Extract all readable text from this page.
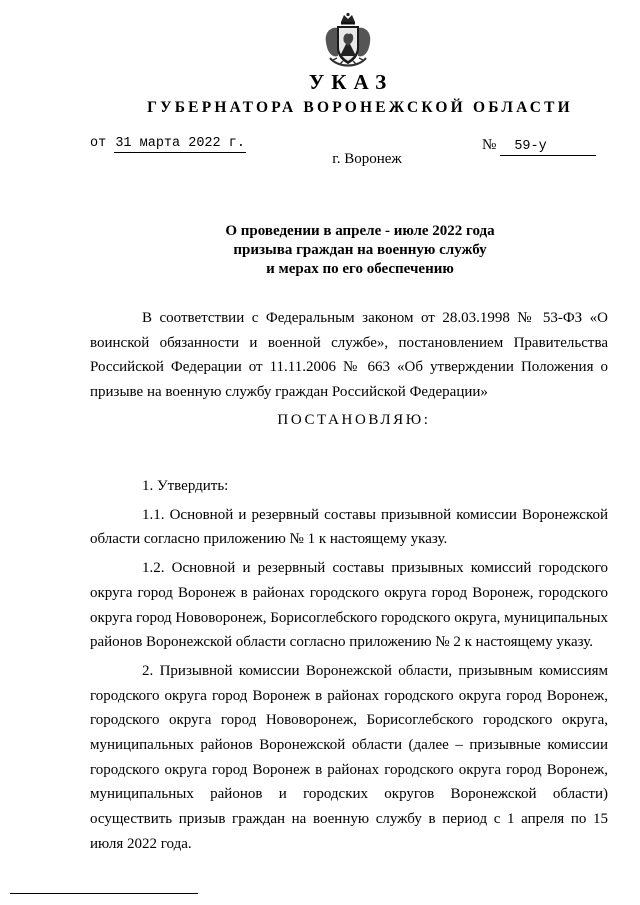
УКАЗ
ГУБЕРНАТОРА ВОРОНЕЖСКОЙ ОБЛАСТИ
от 31 марта 2022 г.	№ 59-у
г. Воронеж
О проведении в апреле - июле 2022 года
призыва граждан на военную службу
и мерах по его обеспечению
В соответствии с Федеральным законом от 28.03.1998 № 53-ФЗ «О воинской обязанности и военной службе», постановлением Правительства Российской Федерации от 11.11.2006 № 663 «Об утверждении Положения о призыве на военную службу граждан Российской Федерации»
ПОСТАНОВЛЯЮ:

1. Утвердить:

1.1. Основной и резервный составы призывной комиссии Воронежской области согласно приложению № 1 к настоящему указу.

1.2. Основной и резервный составы призывных комиссий городского округа город Воронеж в районах городского округа город Воронеж, городского округа город Нововоронеж, Борисоглебского городского округа, муниципальных районов Воронежской области согласно приложению № 2 к настоящему указу.

2. Призывной комиссии Воронежской области, призывным комиссиям городского округа город Воронеж в районах городского округа город Воронеж, городского округа город Нововоронеж, Борисоглебского городского округа, муниципальных районов Воронежской области (далее – призывные комиссии городского округа город Воронеж в районах городского округа город Воронеж, муниципальных районов и городских округов Воронежской области) осуществить призыв граждан на военную службу в период с 1 апреля по 15 июля 2022 года.
